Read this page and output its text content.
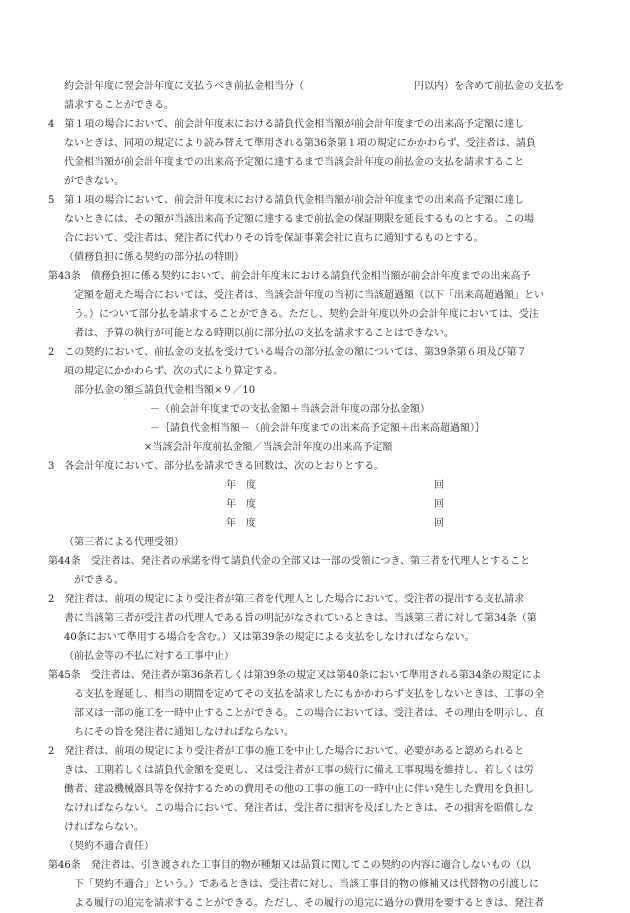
約会計年度に翌会計年度に支払うべき前払金相当分（　　　　　　　　　　　円以内）を含めて前払金の支払を
請求することができる。
4　第１項の場合において、前会計年度末における請負代金相当額が前会計年度までの出来高予定額に達し
ないときは、同項の規定により読み替えて準用される第36条第１項の規定にかかわらず、受注者は、請負
代金相当額が前会計年度までの出来高予定額に達するまで当該会計年度の前払金の支払を請求すること
ができない。
5　第１項の場合において、前会計年度末における請負代金相当額が前会計年度までの出来高予定額に達し
ないときには、その額が当該出来高予定額に達するまで前払金の保証期限を延長するものとする。この場
合において、受注者は、発注者に代わりその旨を保証事業会社に直ちに通知するものとする。
（債務負担に係る契約の部分払の特則）
第43条　債務負担に係る契約において、前会計年度末における請負代金相当額が前会計年度までの出来高予
定額を超えた場合においては、受注者は、当該会計年度の当初に当該超過額（以下「出来高超過額」とい
う。）について部分払を請求することができる。ただし、契約会計年度以外の会計年度においては、受注
者は、予算の執行が可能となる時期以前に部分払の支払を請求することはできない。
2　この契約において、前払金の支払を受けている場合の部分払金の額については、第39条第６項及び第７
項の規定にかかわらず、次の式により算定する。
部分払金の額≦請負代金相当額×９／10
－（前会計年度までの支払金額＋当該会計年度の部分払金額）
－｛請負代金相当額－（前会計年度までの出来高予定額＋出来高超過額）｝
×当該会計年度前払金額／当該会計年度の出来高予定額
3　各会計年度において、部分払を請求できる回数は、次のとおりとする。
年　度	回
年　度	回
年　度	回
（第三者による代理受領）
第44条　受注者は、発注者の承諾を得て請負代金の全部又は一部の受領につき、第三者を代理人とすること
ができる。
2　発注者は、前項の規定により受注者が第三者を代理人とした場合において、受注者の提出する支払請求
書に当該第三者が受注者の代理人である旨の明記がなされているときは、当該第三者に対して第34条（第
40条において準用する場合を含む。）又は第39条の規定による支払をしなければならない。
（前払金等の不払に対する工事中止）
第45条　受注者は、発注者が第36条若しくは第39条の規定又は第40条において準用される第34条の規定によ
る支払を遅延し、相当の期間を定めてその支払を請求したにもかかわらず支払をしないときは、工事の全
部又は一部の施工を一時中止することができる。この場合においては、受注者は、その理由を明示し、直
ちにその旨を発注者に通知しなければならない。
2　発注者は、前項の規定により受注者が工事の施工を中止した場合において、必要があると認められると
きは、工期若しくは請負代金額を変更し、又は受注者が工事の続行に備え工事現場を維持し、若しくは労
働者、建設機械器具等を保持するための費用その他の工事の施工の一時中止に伴い発生した費用を負担し
なければならない。この場合において、発注者は、受注者に損害を及ぼしたときは、その損害を賠償しな
ければならない。
（契約不適合責任）
第46条　発注者は、引き渡された工事目的物が種類又は品質に関してこの契約の内容に適合しないもの（以
下「契約不適合」という。）であるときは、受注者に対し、当該工事目的物の修補又は代替物の引渡しに
よる履行の追完を請求することができる。ただし、その履行の追完に過分の費用を要するときは、発注者
